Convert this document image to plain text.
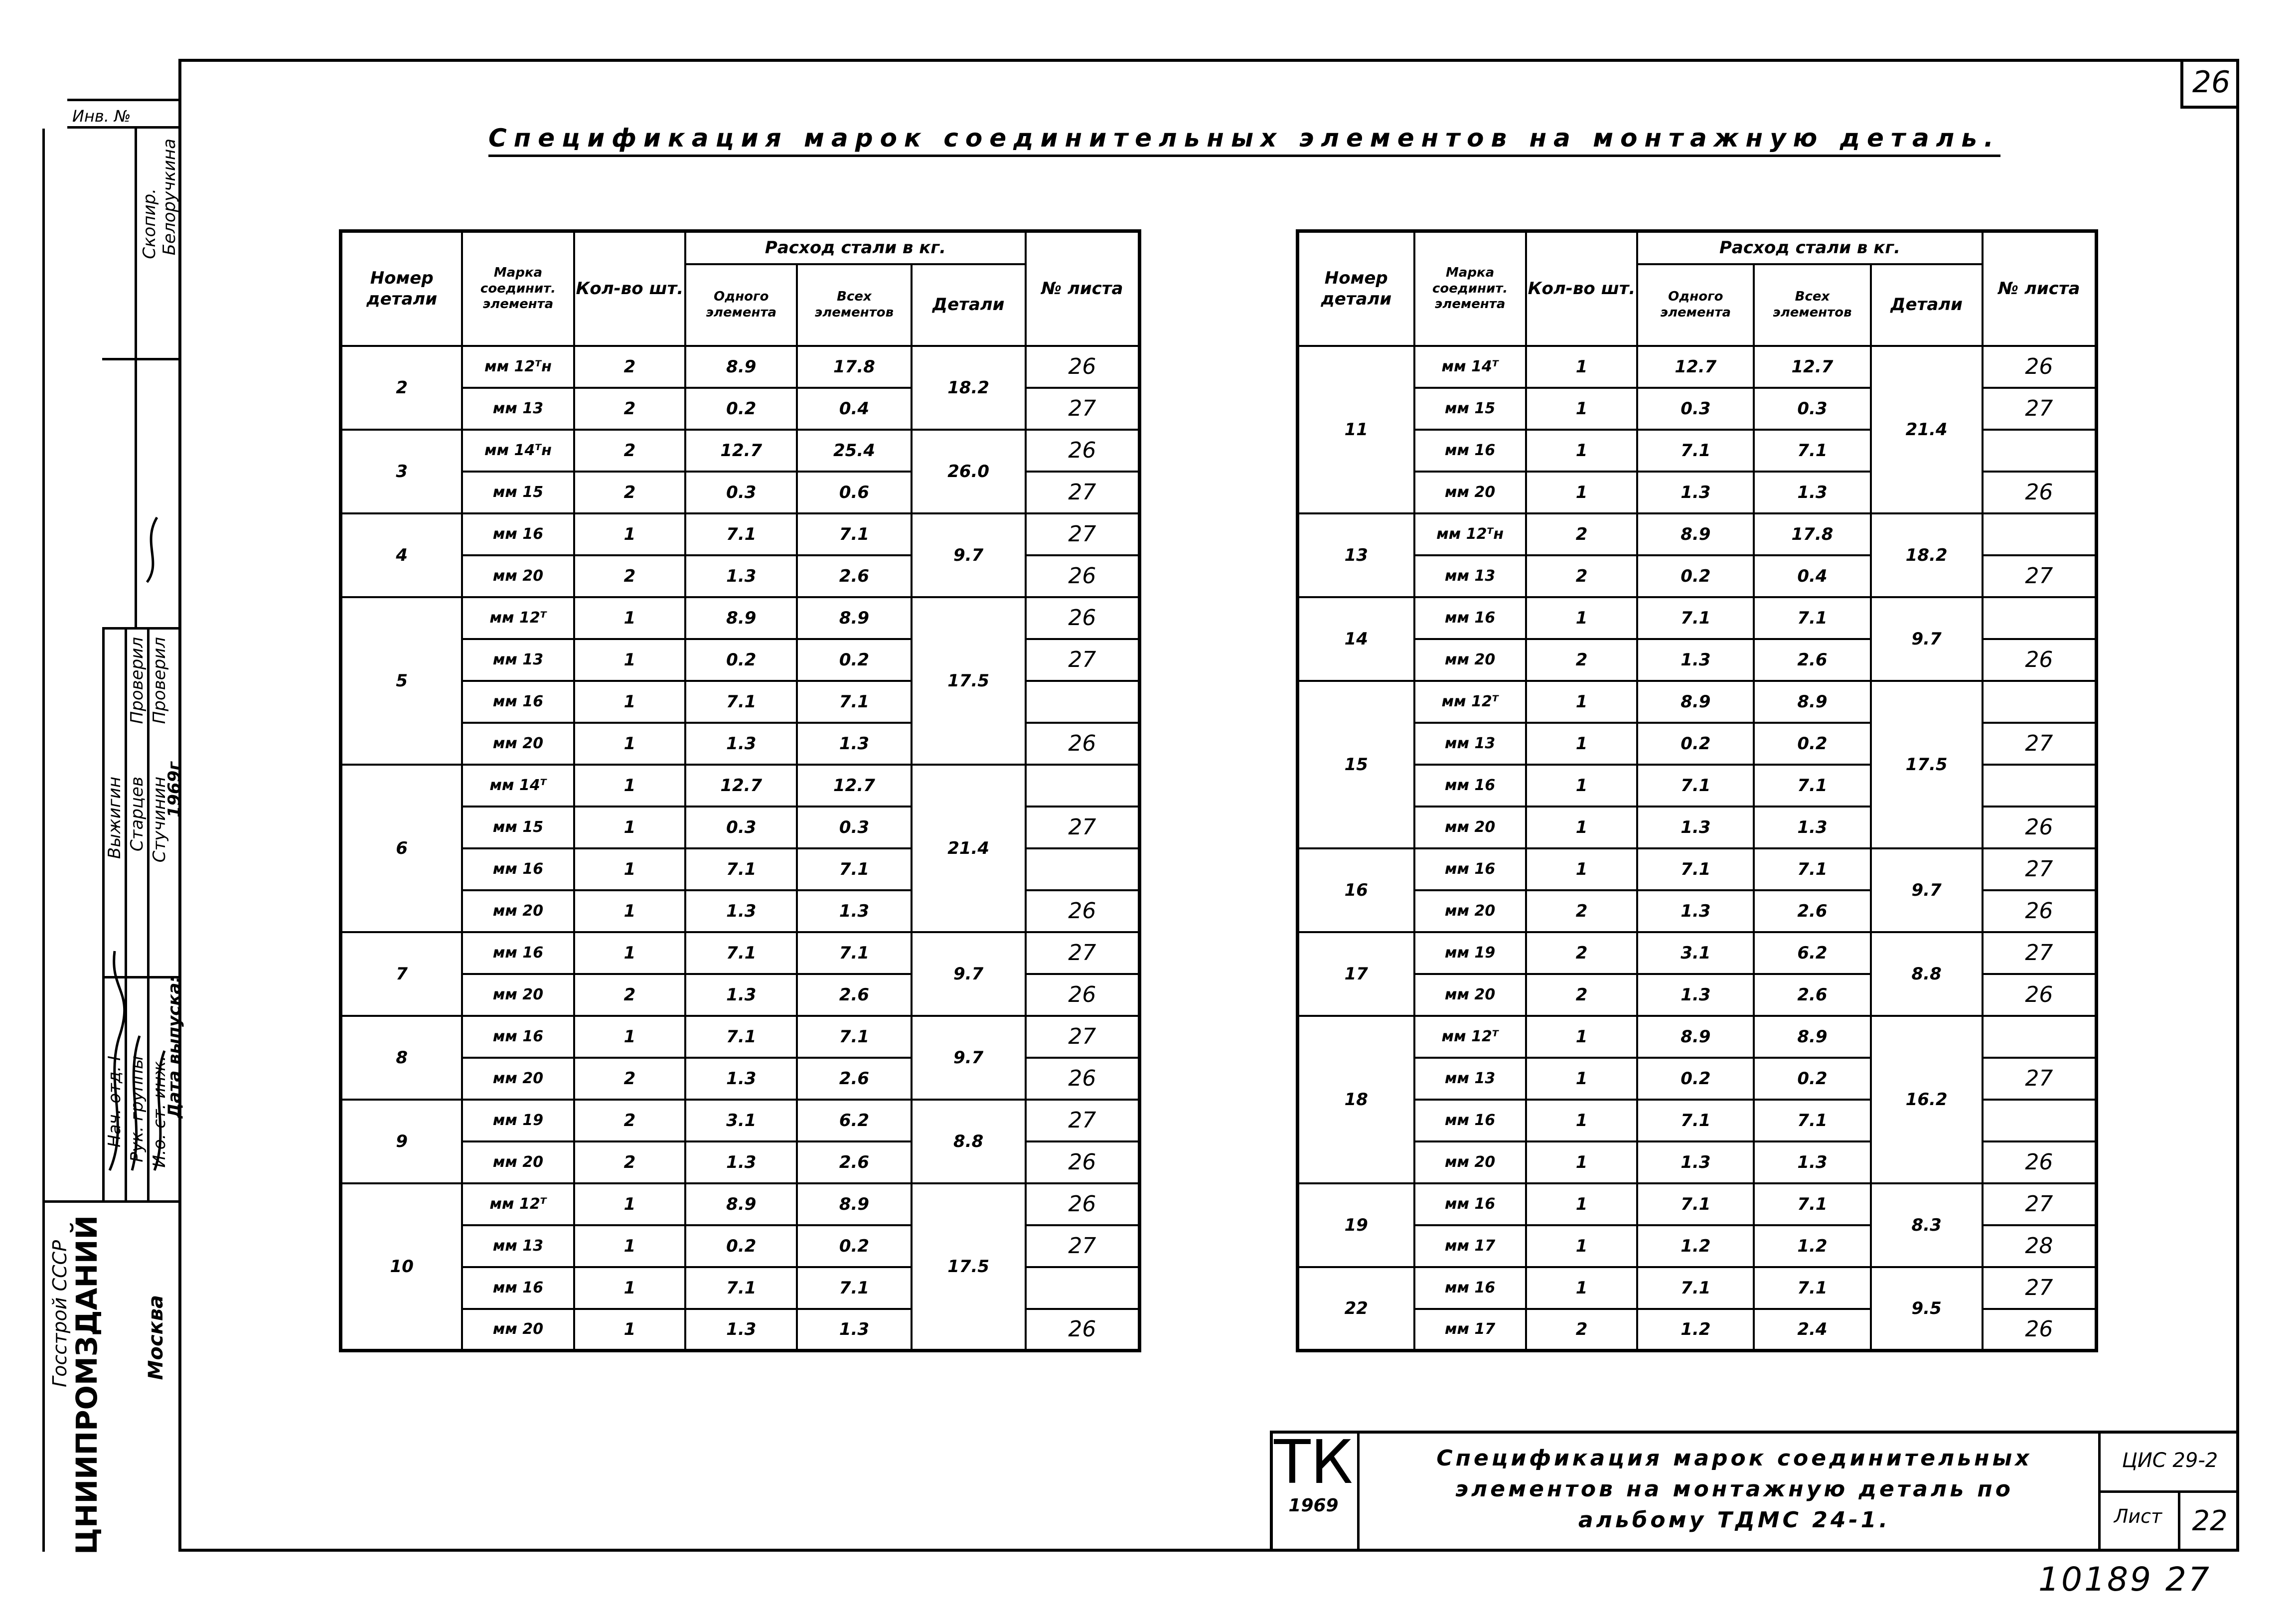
26
Спецификация марок соединительных элементов на монтажную деталь.
Инв. №
Госстрой СССР
ЦНИИПРОМЗДАНИЙ Москва
Нач. отд. I Рук. группы И.о. ст. инж.
Дата выпуска:
Выжигин Старцев Стучинин
1969г
Проверил Проверил
Скопир. Белоручкина
Номер детали	Марка соединит. элемента	Кол-во шт.	Расход стали в кг.			№ листа
			Одного элемента	Всех элементов	Детали	
2	мм 12ᵀн	2	8.9	17.8	18.2	26
	мм 13	2	0.2	0.4		27
3	мм 14ᵀн	2	12.7	25.4	26.0	26
	мм 15	2	0.3	0.6		27
4	мм 16	1	7.1	7.1	9.7	27
	мм 20	2	1.3	2.6		26
5	мм 12ᵀ	1	8.9	8.9	17.5	26
	мм 13	1	0.2	0.2		27
	мм 16	1	7.1	7.1		
	мм 20	1	1.3	1.3		26
6	мм 14ᵀ	1	12.7	12.7	21.4	
	мм 15	1	0.3	0.3		27
	мм 16	1	7.1	7.1		
	мм 20	1	1.3	1.3		26
7	мм 16	1	7.1	7.1	9.7	27
	мм 20	2	1.3	2.6		26
8	мм 16	1	7.1	7.1	9.7	27
	мм 20	2	1.3	2.6		26
9	мм 19	2	3.1	6.2	8.8	27
	мм 20	2	1.3	2.6		26
10	мм 12ᵀ	1	8.9	8.9	17.5	26
	мм 13	1	0.2	0.2		27
	мм 16	1	7.1	7.1		
	мм 20	1	1.3	1.3		26
Номер детали	Марка соединит. элемента	Кол-во шт.	Расход стали в кг.			№ листа
			Одного элемента	Всех элементов	Детали	
11	мм 14ᵀ	1	12.7	12.7	21.4	26
	мм 15	1	0.3	0.3		27
	мм 16	1	7.1	7.1		
	мм 20	1	1.3	1.3		26
13	мм 12ᵀн	2	8.9	17.8	18.2	
	мм 13	2	0.2	0.4		27
14	мм 16	1	7.1	7.1	9.7	
	мм 20	2	1.3	2.6		26
15	мм 12ᵀ	1	8.9	8.9	17.5	
	мм 13	1	0.2	0.2		27
	мм 16	1	7.1	7.1		
	мм 20	1	1.3	1.3		26
16	мм 16	1	7.1	7.1	9.7	27
	мм 20	2	1.3	2.6		26
17	мм 19	2	3.1	6.2	8.8	27
	мм 20	2	1.3	2.6		26
18	мм 12ᵀ	1	8.9	8.9	16.2	
	мм 13	1	0.2	0.2		27
	мм 16	1	7.1	7.1		
	мм 20	1	1.3	1.3		26
19	мм 16	1	7.1	7.1	8.3	27
	мм 17	1	1.2	1.2		28
22	мм 16	1	7.1	7.1	9.5	27
	мм 17	2	1.2	2.4		26
ТК
1969
Спецификация марок соединительных
элементов на монтажную деталь по
альбому ТДМС 24-1.
ЦИС 29-2
Лист	22
10189 27
